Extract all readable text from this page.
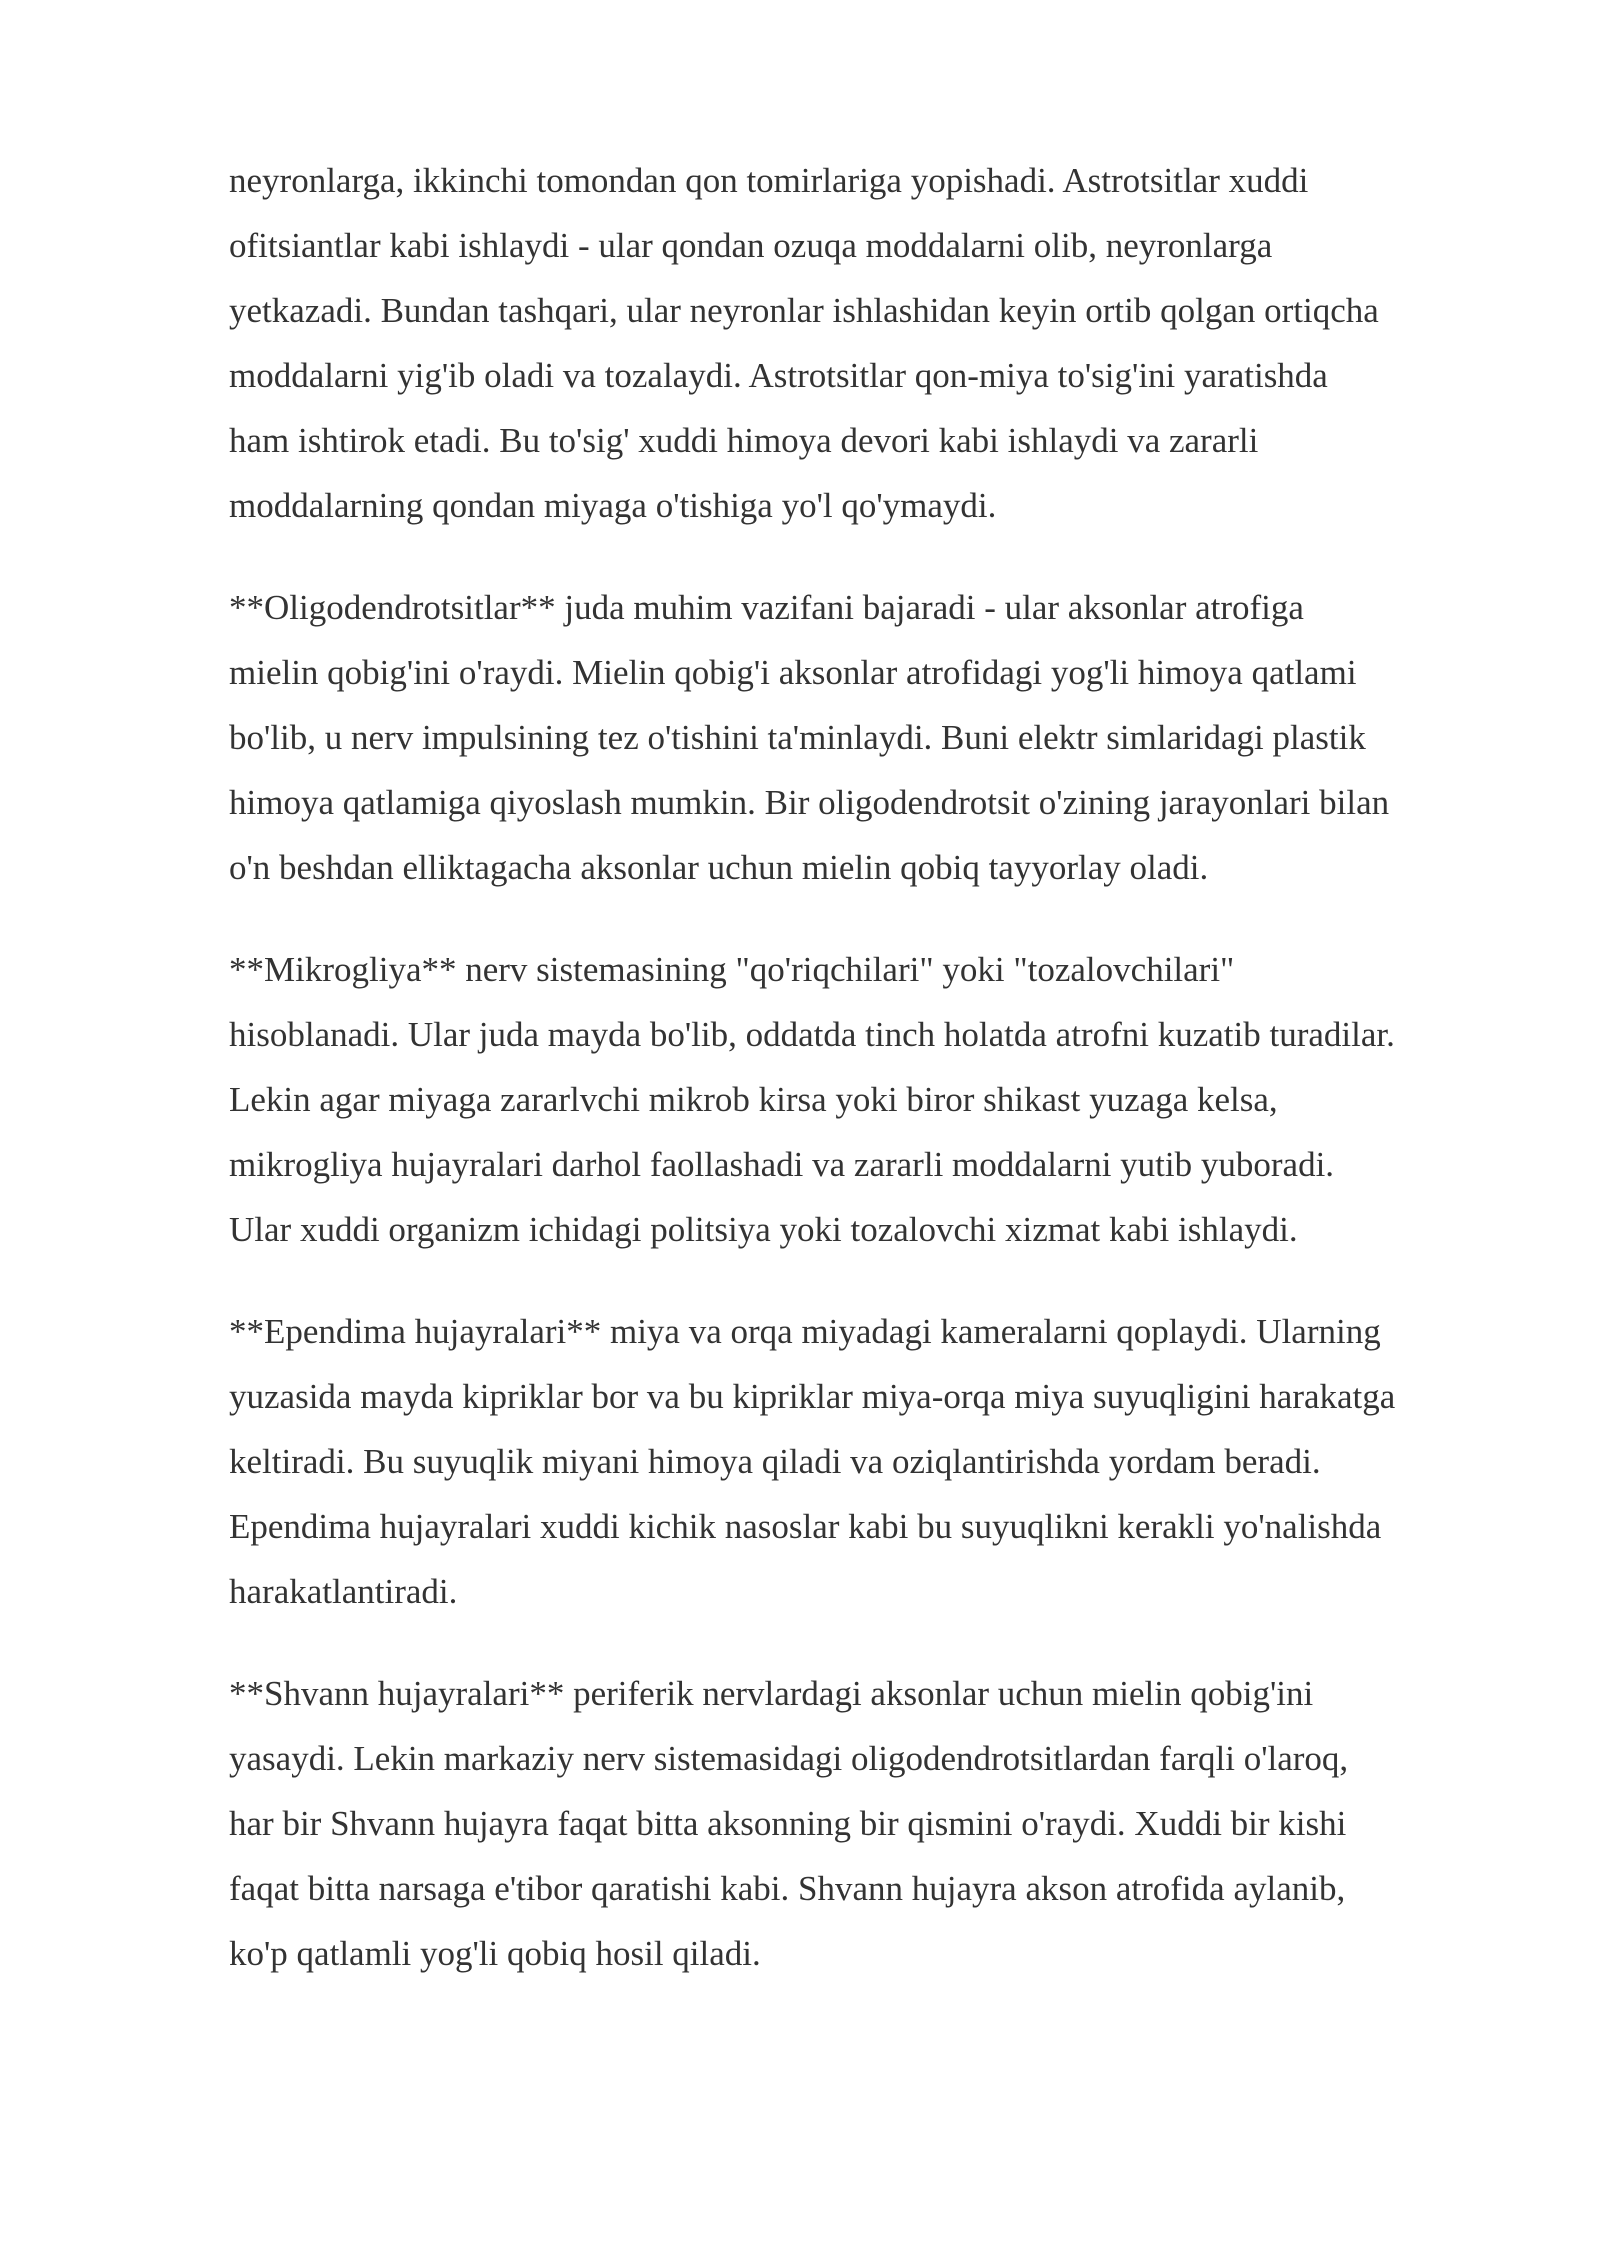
neyronlarga, ikkinchi tomondan qon tomirlariga yopishadi. Astrotsitlar xuddi
ofitsiantlar kabi ishlaydi - ular qondan ozuqa moddalarni olib, neyronlarga
yetkazadi. Bundan tashqari, ular neyronlar ishlashidan keyin ortib qolgan ortiqcha
moddalarni yig'ib oladi va tozalaydi. Astrotsitlar qon-miya to'sig'ini yaratishda
ham ishtirok etadi. Bu to'sig' xuddi himoya devori kabi ishlaydi va zararli
moddalarning qondan miyaga o'tishiga yo'l qo'ymaydi.

**Oligodendrotsitlar** juda muhim vazifani bajaradi - ular aksonlar atrofiga
mielin qobig'ini o'raydi. Mielin qobig'i aksonlar atrofidagi yog'li himoya qatlami
bo'lib, u nerv impulsining tez o'tishini ta'minlaydi. Buni elektr simlaridagi plastik
himoya qatlamiga qiyoslash mumkin. Bir oligodendrotsit o'zining jarayonlari bilan
o'n beshdan elliktagacha aksonlar uchun mielin qobiq tayyorlay oladi.

**Mikrogliya** nerv sistemasining "qo'riqchilari" yoki "tozalovchilari"
hisoblanadi. Ular juda mayda bo'lib, oddatda tinch holatda atrofni kuzatib turadilar.
Lekin agar miyaga zararlvchi mikrob kirsa yoki biror shikast yuzaga kelsa,
mikrogliya hujayralari darhol faollashadi va zararli moddalarni yutib yuboradi.
Ular xuddi organizm ichidagi politsiya yoki tozalovchi xizmat kabi ishlaydi.

**Ependima hujayralari** miya va orqa miyadagi kameralarni qoplaydi. Ularning
yuzasida mayda kipriklar bor va bu kipriklar miya-orqa miya suyuqligini harakatga
keltiradi. Bu suyuqlik miyani himoya qiladi va oziqlantirishda yordam beradi.
Ependima hujayralari xuddi kichik nasoslar kabi bu suyuqlikni kerakli yo'nalishda
harakatlantiradi.

**Shvann hujayralari** periferik nervlardagi aksonlar uchun mielin qobig'ini
yasaydi. Lekin markaziy nerv sistemasidagi oligodendrotsitlardan farqli o'laroq,
har bir Shvann hujayra faqat bitta aksonning bir qismini o'raydi. Xuddi bir kishi
faqat bitta narsaga e'tibor qaratishi kabi. Shvann hujayra akson atrofida aylanib,
ko'p qatlamli yog'li qobiq hosil qiladi.
